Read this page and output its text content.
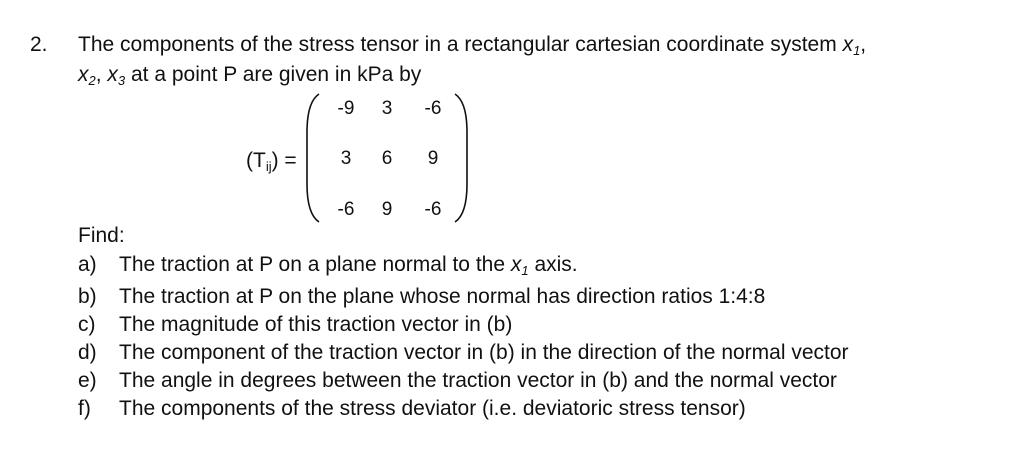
2. The components of the stress tensor in a rectangular cartesian coordinate system $x_1$,
$x_2$, $x_3$ at a point P are given in kPa by
$(T_{ij})$ =
-9	3	-6
3	6	9
-6	9	-6
Find:
a) The traction at P on a plane normal to the $x_1$ axis.
b) The traction at P on the plane whose normal has direction ratios 1:4:8
c) The magnitude of this traction vector in (b)
d) The component of the traction vector in (b) in the direction of the normal vector
e) The angle in degrees between the traction vector in (b) and the normal vector
f) The components of the stress deviator (i.e. deviatoric stress tensor)
